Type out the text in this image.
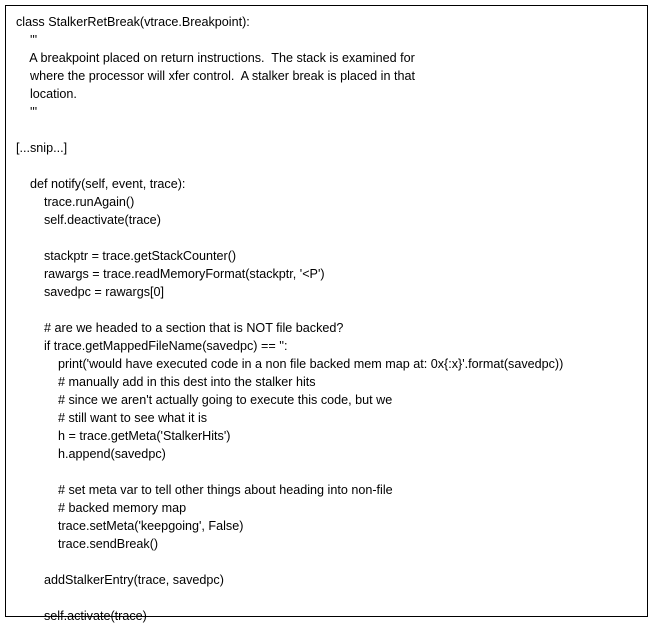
class StalkerRetBreak(vtrace.Breakpoint):
'''
A breakpoint placed on return instructions.  The stack is examined for
where the processor will xfer control.  A stalker break is placed in that
location.
'''
[...snip...]
def notify(self, event, trace):
trace.runAgain()
self.deactivate(trace)
stackptr = trace.getStackCounter()
rawargs = trace.readMemoryFormat(stackptr, '<P')
savedpc = rawargs[0]
# are we headed to a section that is NOT file backed?
if trace.getMappedFileName(savedpc) == '':
print('would have executed code in a non file backed mem map at: 0x{:x}'.format(savedpc))
# manually add in this dest into the stalker hits
# since we aren't actually going to execute this code, but we
# still want to see what it is
h = trace.getMeta('StalkerHits')
h.append(savedpc)
# set meta var to tell other things about heading into non-file
# backed memory map
trace.setMeta('keepgoing', False)
trace.sendBreak()
addStalkerEntry(trace, savedpc)
self.activate(trace)
